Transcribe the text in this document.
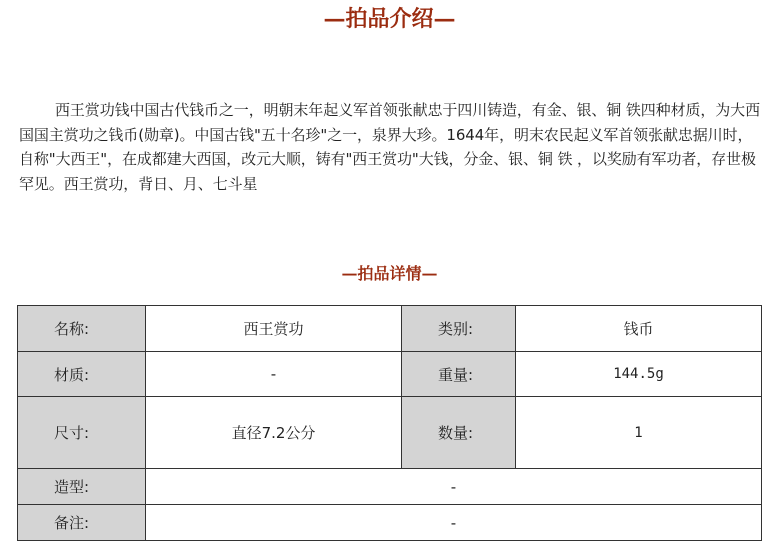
—拍品介绍—

西王赏功钱中国古代钱币之一，明朝末年起义军首领张献忠于四川铸造，有金、银、铜 铁四种材质，为大西国国主赏功之钱币(勋章)。中国古钱"五十名珍"之一，泉界大珍。1644年，明末农民起义军首领张献忠据川时，自称"大西王"，在成都建大西国，改元大顺，铸有"西王赏功"大钱，分金、银、铜 铁 ，以奖励有军功者，存世极罕见。西王赏功，背日、月、七斗星

—拍品详情—
名称:	西王赏功	类别:	钱币
材质:	-	重量:	144.5g
尺寸:	直径7.2公分	数量:	1
造型:	-		
备注:	-		
